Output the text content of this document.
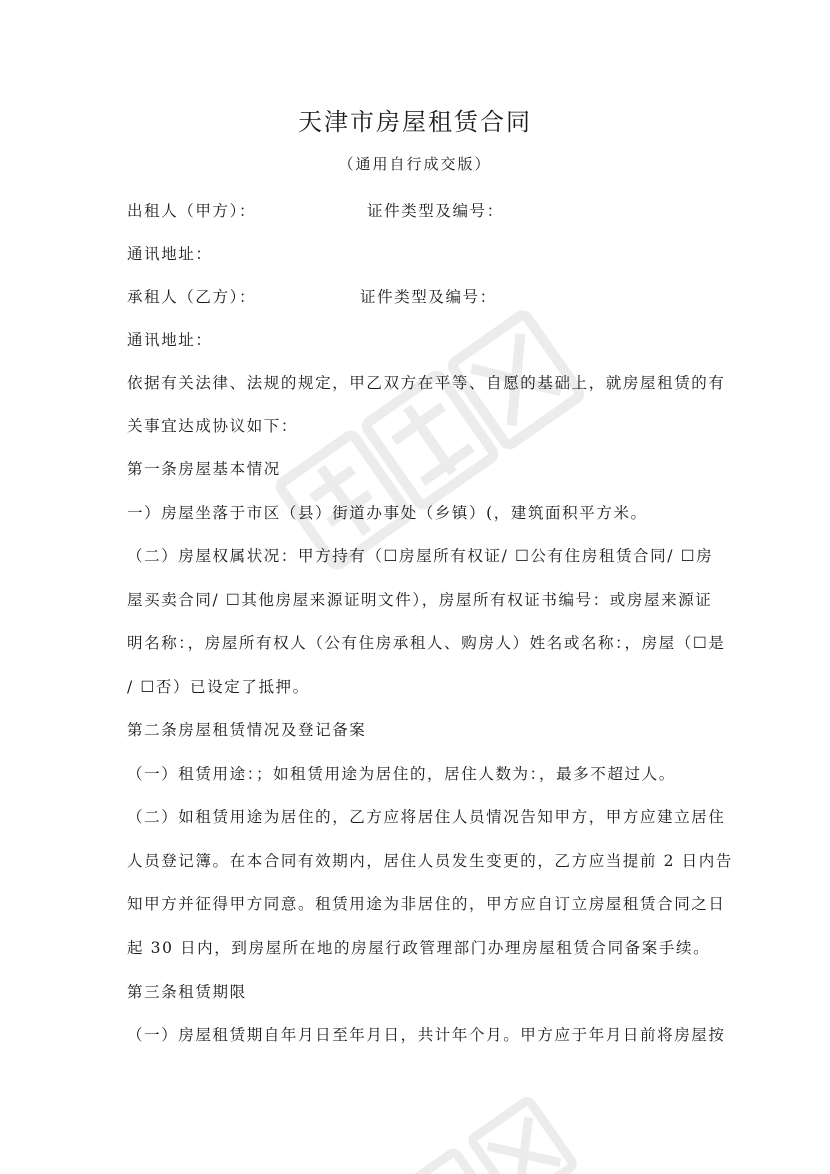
天津市房屋租赁合同
（通用自行成交版）
出租人（甲方）：	证件类型及编号：
通讯地址：
承租人（乙方）：	证件类型及编号：
通讯地址：
依据有关法律、法规的规定，甲乙双方在平等、自愿的基础上，就房屋租赁的有
关事宜达成协议如下：
第一条房屋基本情况
一）房屋坐落于市区（县）街道办事处（乡镇）(，建筑面积平方米。
（二）房屋权属状况：甲方持有（☐房屋所有权证/ ☐公有住房租赁合同/ ☐房
屋买卖合同/ ☐其他房屋来源证明文件），房屋所有权证书编号：或房屋来源证
明名称：，房屋所有权人（公有住房承租人、购房人）姓名或名称：，房屋（☐是
/ ☐否）已设定了抵押。
第二条房屋租赁情况及登记备案
（一）租赁用途：；如租赁用途为居住的，居住人数为：，最多不超过人。
（二）如租赁用途为居住的，乙方应将居住人员情况告知甲方，甲方应建立居住
人员登记簿。在本合同有效期内，居住人员发生变更的，乙方应当提前 2 日内告
知甲方并征得甲方同意。租赁用途为非居住的，甲方应自订立房屋租赁合同之日
起 30 日内，到房屋所在地的房屋行政管理部门办理房屋租赁合同备案手续。
第三条租赁期限
（一）房屋租赁期自年月日至年月日，共计年个月。甲方应于年月日前将房屋按
